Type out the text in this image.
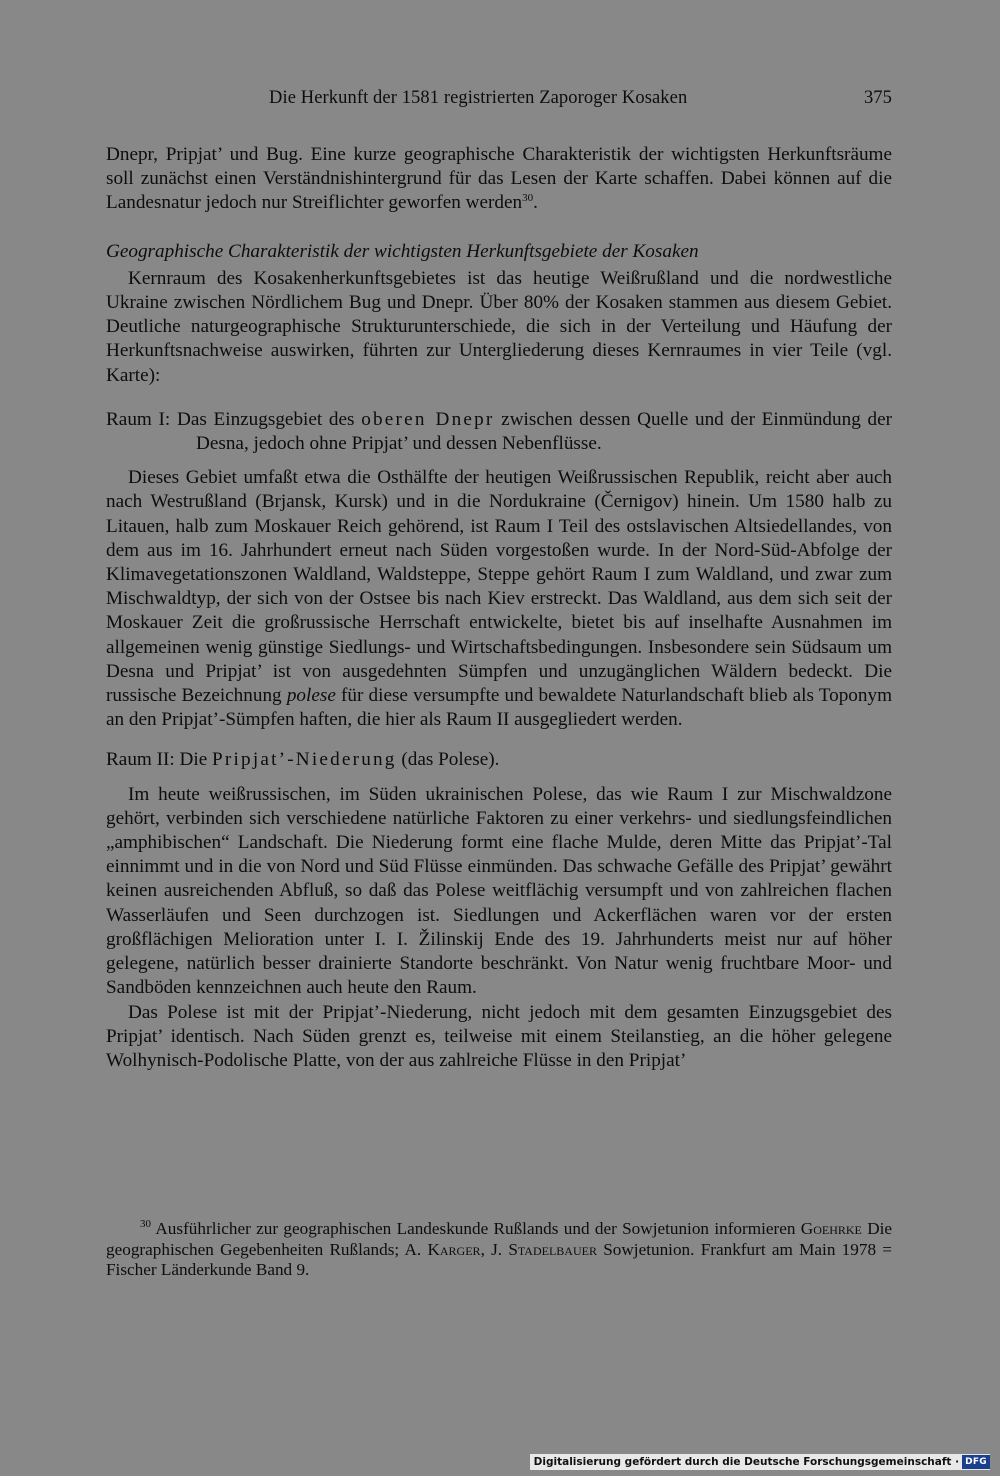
Die Herkunft der 1581 registrierten Zaporoger Kosaken	375

Dnepr, Pripjat’ und Bug. Eine kurze geographische Charakteristik der wichtigsten Herkunftsräume soll zunächst einen Verständnishintergrund für das Lesen der Karte schaffen. Dabei können auf die Landesnatur jedoch nur Streiflichter geworfen werden$^{30}$.

Geographische Charakteristik der wichtigsten Herkunftsgebiete der Kosaken

Kernraum des Kosakenherkunftsgebietes ist das heutige Weißrußland und die nordwestliche Ukraine zwischen Nördlichem Bug und Dnepr. Über 80% der Kosaken stammen aus diesem Gebiet. Deutliche naturgeographische Strukturunterschiede, die sich in der Verteilung und Häufung der Herkunftsnachweise auswirken, führten zur Untergliederung dieses Kernraumes in vier Teile (vgl. Karte):

Raum I: Das Einzugsgebiet des oberen Dnepr zwischen dessen Quelle und der Einmündung der Desna, jedoch ohne Pripjat’ und dessen Nebenflüsse.

Dieses Gebiet umfaßt etwa die Osthälfte der heutigen Weißrussischen Republik, reicht aber auch nach Westrußland (Brjansk, Kursk) und in die Nordukraine (Černigov) hinein. Um 1580 halb zu Litauen, halb zum Moskauer Reich gehörend, ist Raum I Teil des ostslavischen Altsiedellandes, von dem aus im 16. Jahrhundert erneut nach Süden vorgestoßen wurde. In der Nord-Süd-Abfolge der Klimavegetationszonen Waldland, Waldsteppe, Steppe gehört Raum I zum Waldland, und zwar zum Mischwaldtyp, der sich von der Ostsee bis nach Kiev erstreckt. Das Waldland, aus dem sich seit der Moskauer Zeit die großrussische Herrschaft entwickelte, bietet bis auf inselhafte Ausnahmen im allgemeinen wenig günstige Siedlungs- und Wirtschaftsbedingungen. Insbesondere sein Südsaum um Desna und Pripjat’ ist von ausgedehnten Sümpfen und unzugänglichen Wäldern bedeckt. Die russische Bezeichnung polese für diese versumpfte und bewaldete Naturlandschaft blieb als Toponym an den Pripjat’-Sümpfen haften, die hier als Raum II ausgegliedert werden.

Raum II: Die Pripjat’-Niederung (das Polese).

Im heute weißrussischen, im Süden ukrainischen Polese, das wie Raum I zur Mischwaldzone gehört, verbinden sich verschiedene natürliche Faktoren zu einer verkehrs- und siedlungsfeindlichen „amphibischen“ Landschaft. Die Niederung formt eine flache Mulde, deren Mitte das Pripjat’-Tal einnimmt und in die von Nord und Süd Flüsse einmünden. Das schwache Gefälle des Pripjat’ gewährt keinen ausreichenden Abfluß, so daß das Polese weitflächig versumpft und von zahlreichen flachen Wasserläufen und Seen durchzogen ist. Siedlungen und Ackerflächen waren vor der ersten großflächigen Melioration unter I. I. Žilinskij Ende des 19. Jahrhunderts meist nur auf höher gelegene, natürlich besser drainierte Standorte beschränkt. Von Natur wenig fruchtbare Moor- und Sandböden kennzeichnen auch heute den Raum.

Das Polese ist mit der Pripjat’-Niederung, nicht jedoch mit dem gesamten Einzugsgebiet des Pripjat’ identisch. Nach Süden grenzt es, teilweise mit einem Steilanstieg, an die höher gelegene Wolhynisch-Podolische Platte, von der aus zahlreiche Flüsse in den Pripjat’

$^{30}$ Ausführlicher zur geographischen Landeskunde Rußlands und der Sowjetunion informieren Goehrke Die geographischen Gegebenheiten Rußlands; A. Karger, J. Stadelbauer Sowjetunion. Frankfurt am Main 1978 = Fischer Länderkunde Band 9.

Digitalisierung gefördert durch die Deutsche Forschungsgemeinschaft · DFG
